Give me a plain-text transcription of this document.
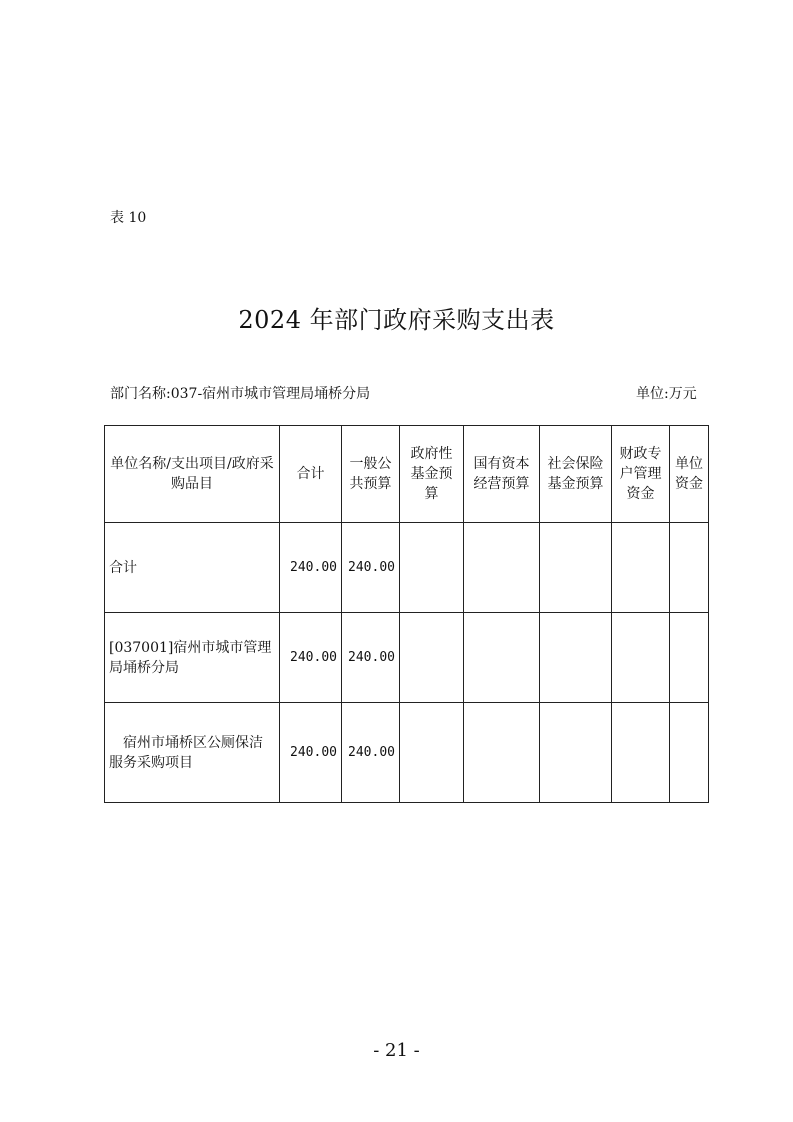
表 10
2024 年部门政府采购支出表
部门名称:037-宿州市城市管理局埇桥分局	单位:万元
单位名称/支出项目/政府采购品目	合计	一般公共预算	政府性基金预算	国有资本经营预算	社会保险基金预算	财政专户管理资金	单位资金
合计	240.00	240.00					
[037001]宿州市城市管理局埇桥分局	240.00	240.00					
宿州市埇桥区公厕保洁服务采购项目	240.00	240.00					
- 21 -
